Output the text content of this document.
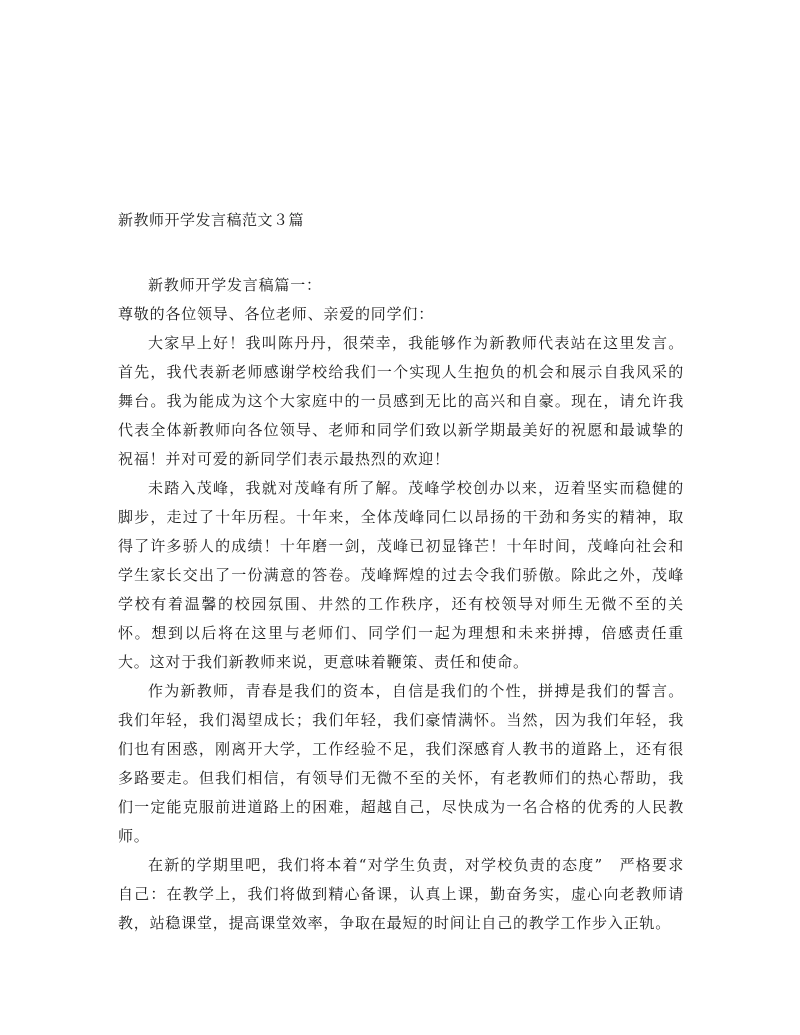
新教师开学发言稿范文３篇

新教师开学发言稿篇一：

尊敬的各位领导、各位老师、亲爱的同学们：

大家早上好！我叫陈丹丹，很荣幸，我能够作为新教师代表站在这里发言。首先，我代表新老师感谢学校给我们一个实现人生抱负的机会和展示自我风采的舞台。我为能成为这个大家庭中的一员感到无比的高兴和自豪。现在，请允许我代表全体新教师向各位领导、老师和同学们致以新学期最美好的祝愿和最诚挚的祝福！并对可爱的新同学们表示最热烈的欢迎！

未踏入茂峰，我就对茂峰有所了解。茂峰学校创办以来，迈着坚实而稳健的脚步，走过了十年历程。十年来，全体茂峰同仁以昂扬的干劲和务实的精神，取得了许多骄人的成绩！十年磨一剑，茂峰已初显锋芒！十年时间，茂峰向社会和学生家长交出了一份满意的答卷。茂峰辉煌的过去令我们骄傲。除此之外，茂峰学校有着温馨的校园氛围、井然的工作秩序，还有校领导对师生无微不至的关怀。想到以后将在这里与老师们、同学们一起为理想和未来拼搏，倍感责任重大。这对于我们新教师来说，更意味着鞭策、责任和使命。

作为新教师，青春是我们的资本，自信是我们的个性，拼搏是我们的誓言。我们年轻，我们渴望成长；我们年轻，我们豪情满怀。当然，因为我们年轻，我们也有困惑，刚离开大学，工作经验不足，我们深感育人教书的道路上，还有很多路要走。但我们相信，有领导们无微不至的关怀，有老教师们的热心帮助，我们一定能克服前进道路上的困难，超越自己，尽快成为一名合格的优秀的人民教师。

在新的学期里吧，我们将本着“对学生负责，对学校负责的态度”　严格要求自己：在教学上，我们将做到精心备课，认真上课，勤奋务实，虚心向老教师请教，站稳课堂，提高课堂效率，争取在最短的时间让自己的教学工作步入正轨。
